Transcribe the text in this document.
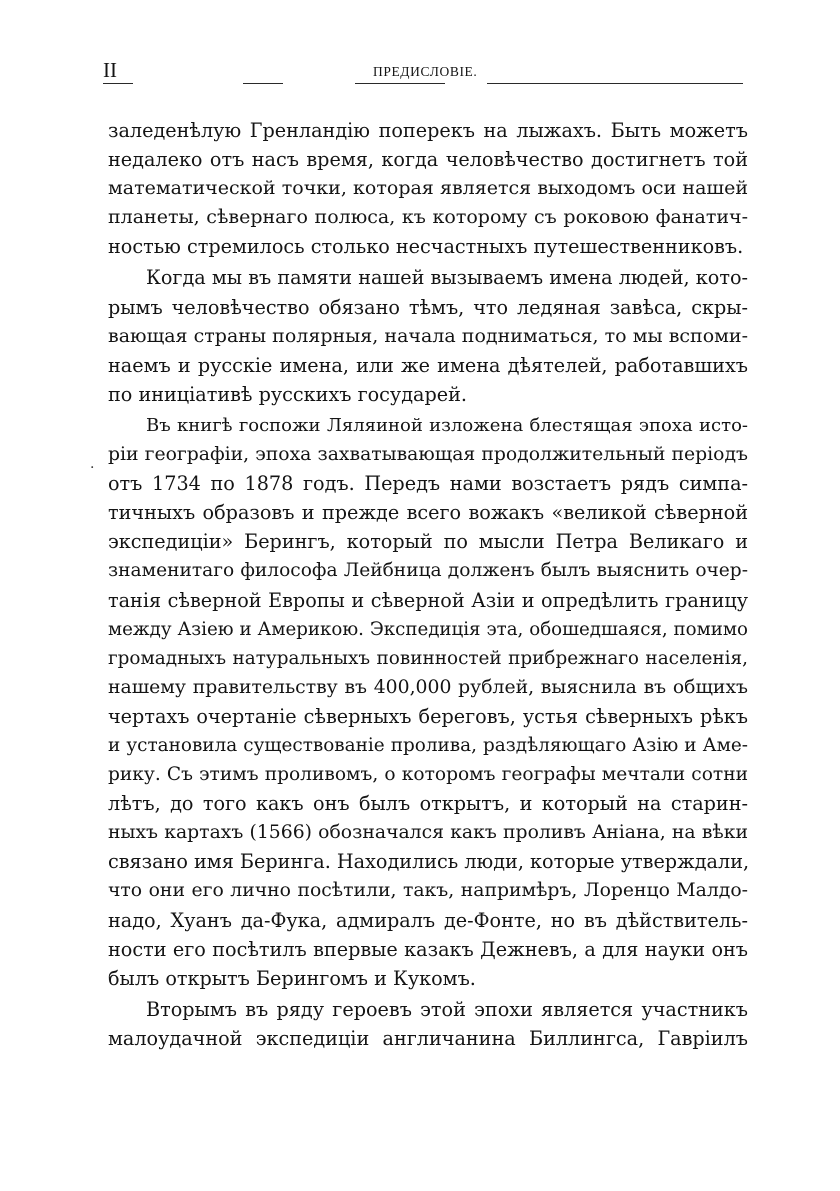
II	ПРЕДИСЛОВІЕ.
·
заледенѣлую Гренландію поперекъ на лыжахъ. Быть можетъ
недалеко отъ насъ время, когда человѣчество достигнетъ той
математической точки, которая является выходомъ оси нашей
планеты, сѣвернаго полюса, къ которому съ роковою фанатич-
ностью стремилось столько несчастныхъ путешественниковъ.
Когда мы въ памяти нашей вызываемъ имена людей, кото-
рымъ человѣчество обязано тѣмъ, что ледяная завѣса, скры-
вающая страны полярныя, начала подниматься, то мы вспоми-
наемъ и русскіе имена, или же имена дѣятелей, работавшихъ
по иниціативѣ русскихъ государей.
Въ книгѣ госпожи Ляляиной изложена блестящая эпоха исто-
ріи географіи, эпоха захватывающая продолжительный періодъ
отъ 1734 по 1878 годъ. Передъ нами возстаетъ рядъ симпа-
тичныхъ образовъ и прежде всего вожакъ «великой сѣверной
экспедиціи» Берингъ, который по мысли Петра Великаго и
знаменитаго философа Лейбница долженъ былъ выяснить очер-
танія сѣверной Европы и сѣверной Азіи и опредѣлить границу
между Азіею и Америкою. Экспедиція эта, обошедшаяся, помимо
громадныхъ натуральныхъ повинностей прибрежнаго населенія,
нашему правительству въ 400,000 рублей, выяснила въ общихъ
чертахъ очертаніе сѣверныхъ береговъ, устья сѣверныхъ рѣкъ
и установила существованіе пролива, раздѣляющаго Азію и Аме-
рику. Съ этимъ проливомъ, о которомъ географы мечтали сотни
лѣтъ, до того какъ онъ былъ открытъ, и который на старин-
ныхъ картахъ (1566) обозначался какъ проливъ Аніана, на вѣки
связано имя Беринга. Находились люди, которые утверждали,
что они его лично посѣтили, такъ, напримѣръ, Лоренцо Малдо-
надо, Хуанъ да-Фука, адмиралъ де-Фонте, но въ дѣйствитель-
ности его посѣтилъ впервые казакъ Дежневъ, а для науки онъ
былъ открытъ Берингомъ и Кукомъ.
Вторымъ въ ряду героевъ этой эпохи является участникъ
малоудачной экспедиціи англичанина Биллингса, Гавріилъ
